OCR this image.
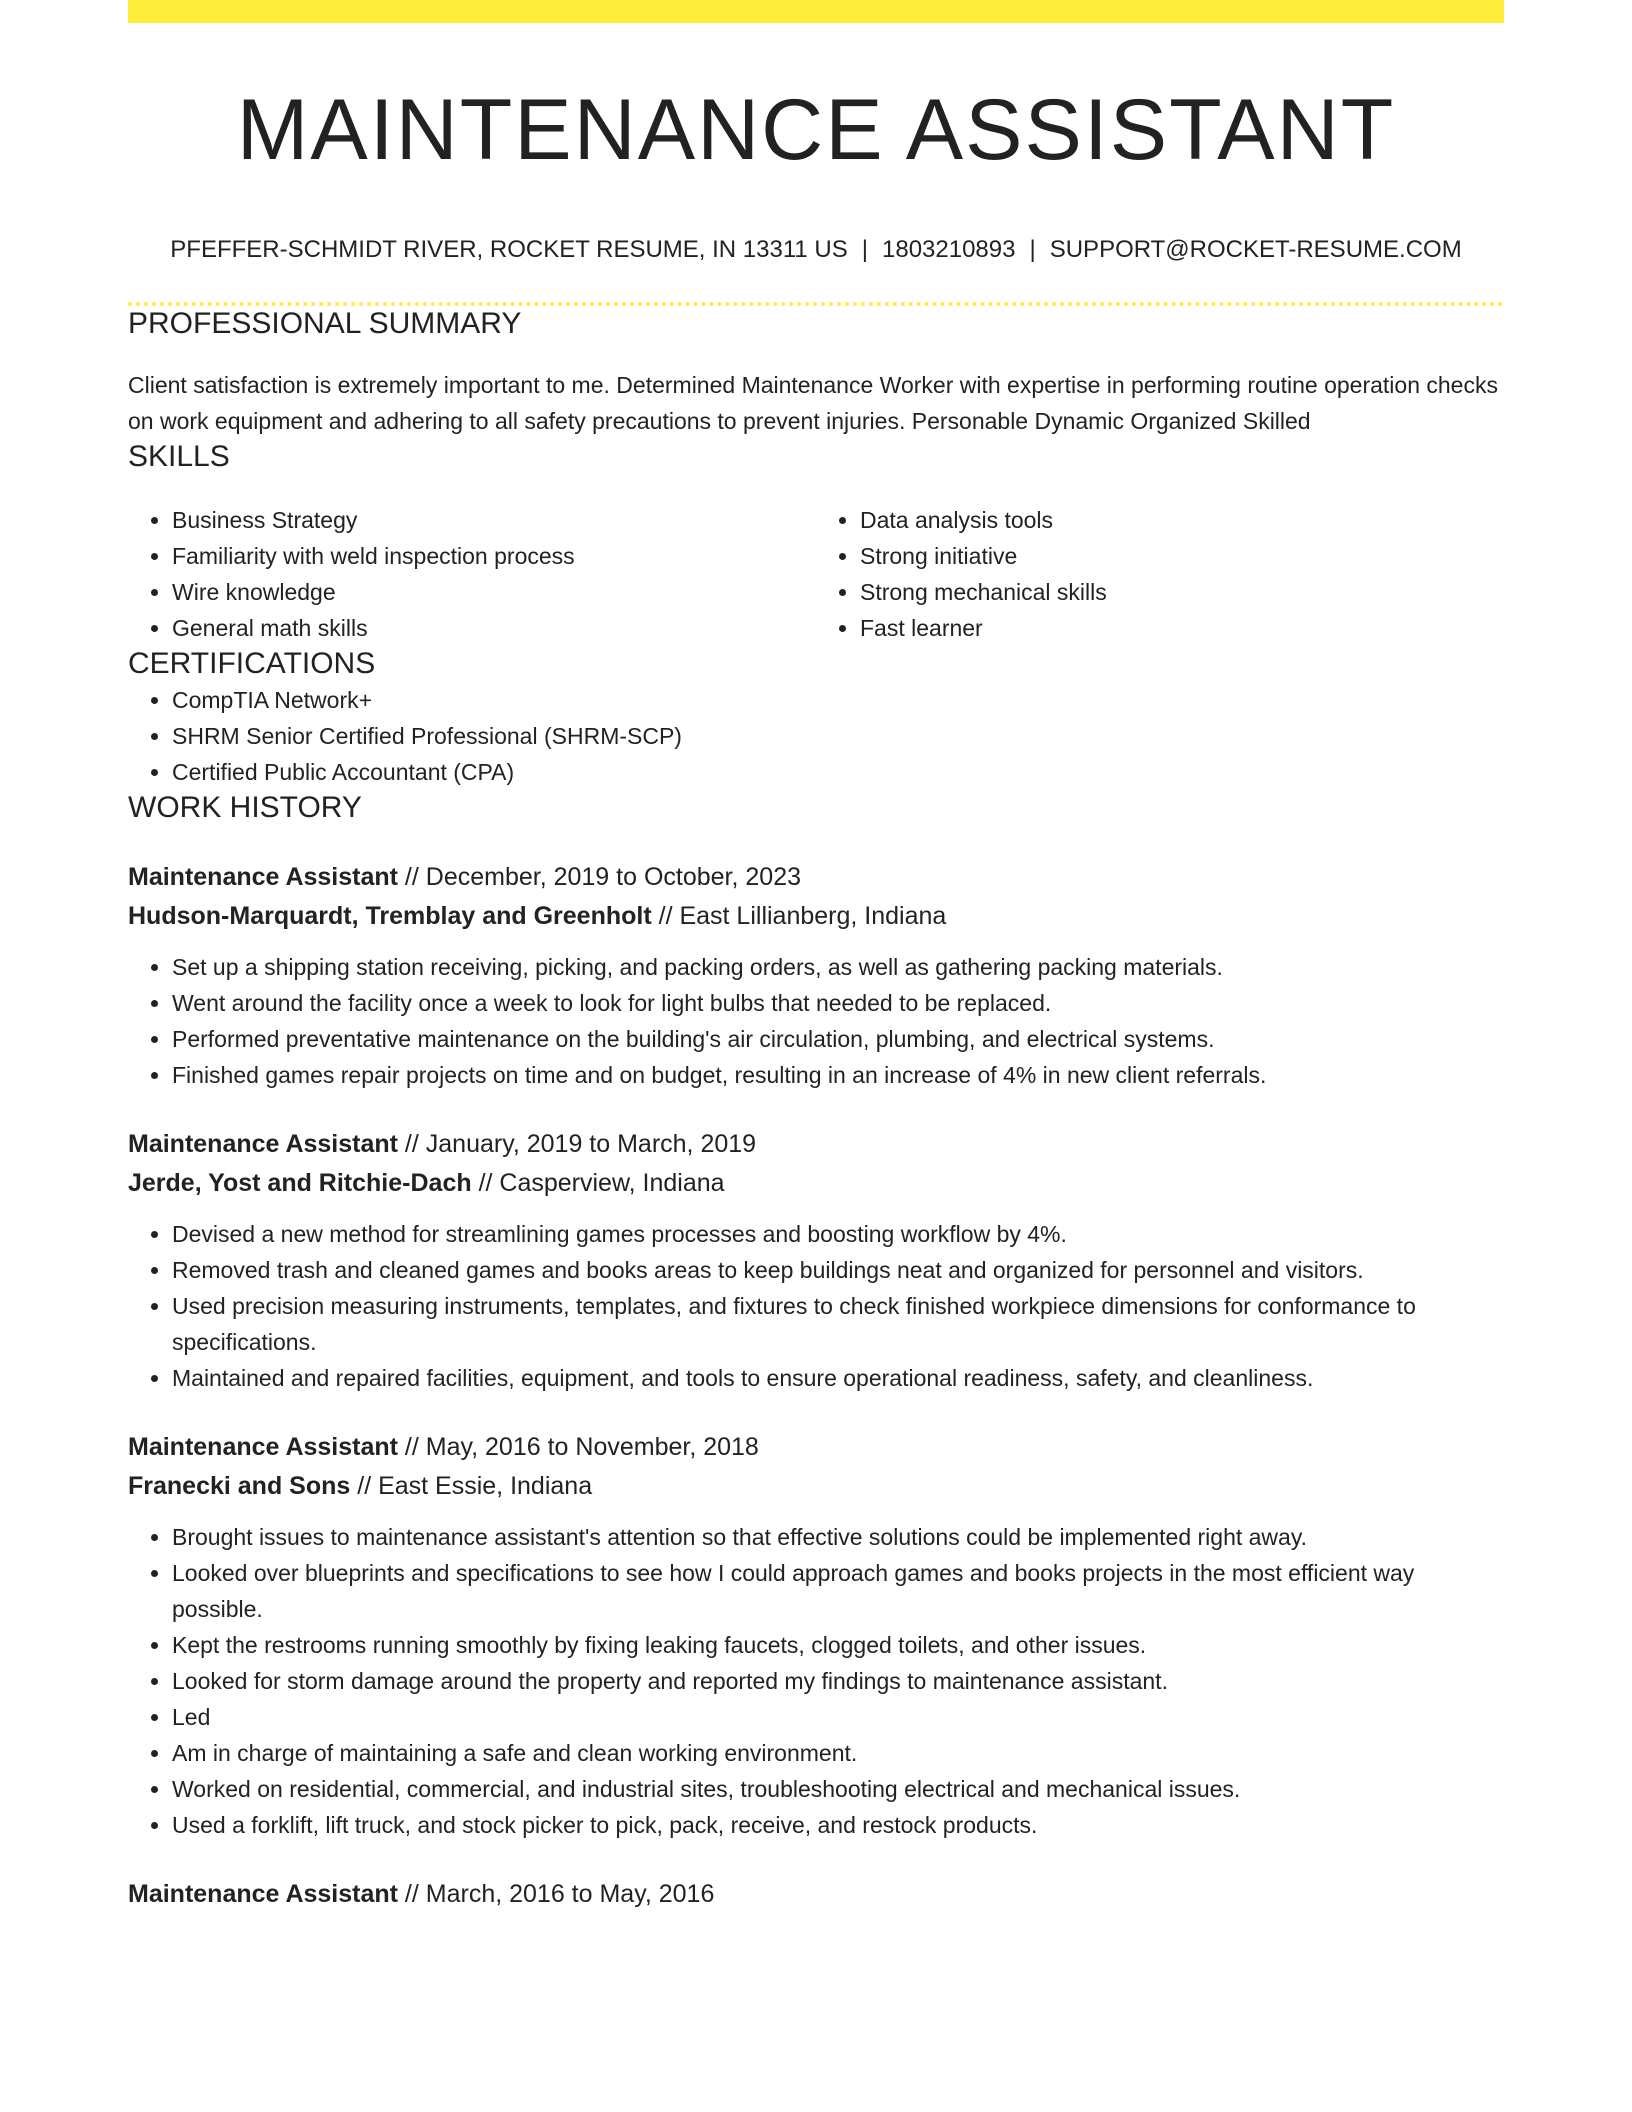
MAINTENANCE ASSISTANT
PFEFFER-SCHMIDT RIVER, ROCKET RESUME, IN 13311 US | 1803210893 | SUPPORT@ROCKET-RESUME.COM
PROFESSIONAL SUMMARY
Client satisfaction is extremely important to me. Determined Maintenance Worker with expertise in performing routine operation checks on work equipment and adhering to all safety precautions to prevent injuries. Personable Dynamic Organized Skilled
SKILLS
• Business Strategy
• Familiarity with weld inspection process
• Wire knowledge
• General math skills
• Data analysis tools
• Strong initiative
• Strong mechanical skills
• Fast learner
CERTIFICATIONS
• CompTIA Network+
• SHRM Senior Certified Professional (SHRM-SCP)
• Certified Public Accountant (CPA)
WORK HISTORY
Maintenance Assistant // December, 2019 to October, 2023
Hudson-Marquardt, Tremblay and Greenholt // East Lillianberg, Indiana
• Set up a shipping station receiving, picking, and packing orders, as well as gathering packing materials.
• Went around the facility once a week to look for light bulbs that needed to be replaced.
• Performed preventative maintenance on the building's air circulation, plumbing, and electrical systems.
• Finished games repair projects on time and on budget, resulting in an increase of 4% in new client referrals.
Maintenance Assistant // January, 2019 to March, 2019
Jerde, Yost and Ritchie-Dach // Casperview, Indiana
• Devised a new method for streamlining games processes and boosting workflow by 4%.
• Removed trash and cleaned games and books areas to keep buildings neat and organized for personnel and visitors.
• Used precision measuring instruments, templates, and fixtures to check finished workpiece dimensions for conformance to specifications.
• Maintained and repaired facilities, equipment, and tools to ensure operational readiness, safety, and cleanliness.
Maintenance Assistant // May, 2016 to November, 2018
Franecki and Sons // East Essie, Indiana
• Brought issues to maintenance assistant's attention so that effective solutions could be implemented right away.
• Looked over blueprints and specifications to see how I could approach games and books projects in the most efficient way possible.
• Kept the restrooms running smoothly by fixing leaking faucets, clogged toilets, and other issues.
• Looked for storm damage around the property and reported my findings to maintenance assistant.
• Led
• Am in charge of maintaining a safe and clean working environment.
• Worked on residential, commercial, and industrial sites, troubleshooting electrical and mechanical issues.
• Used a forklift, lift truck, and stock picker to pick, pack, receive, and restock products.
Maintenance Assistant // March, 2016 to May, 2016
